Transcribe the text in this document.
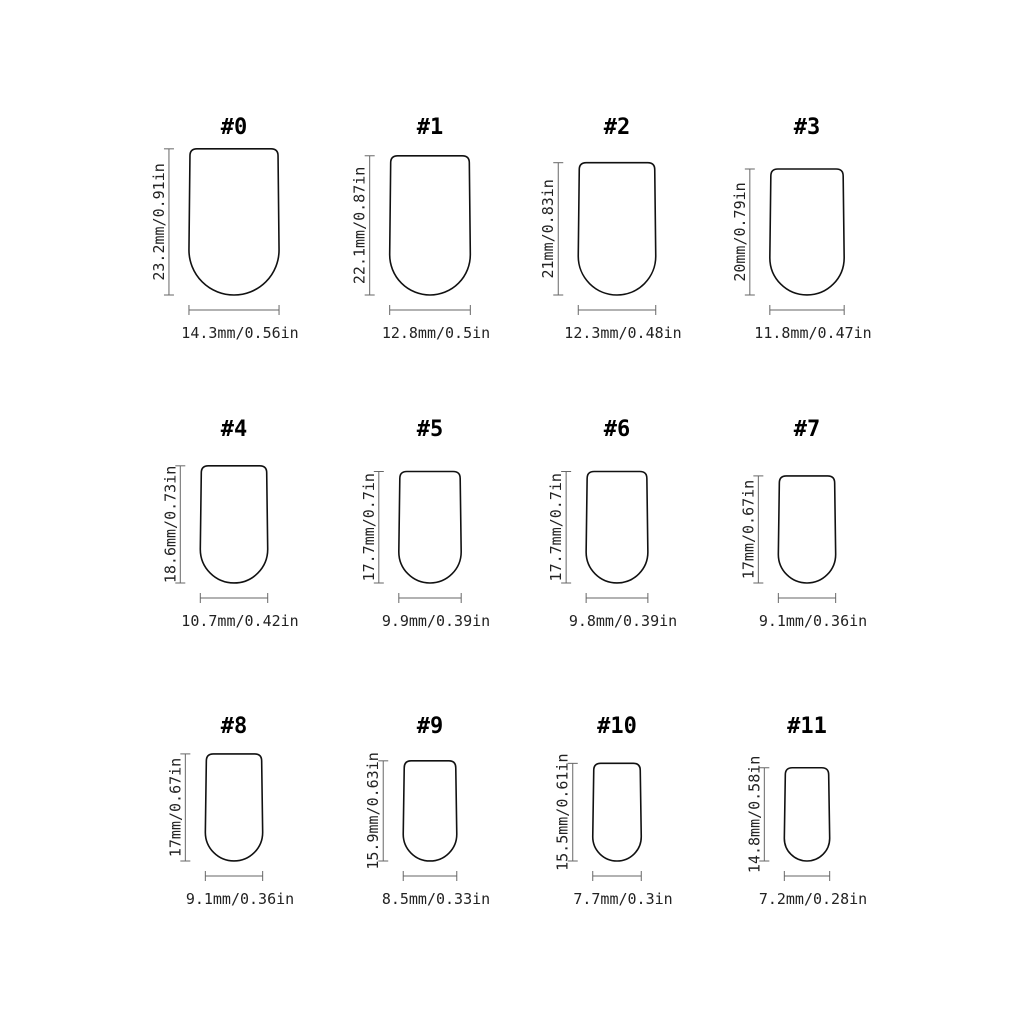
#0
23.2mm/0.91in
14.3mm/0.56in
#1
22.1mm/0.87in
12.8mm/0.5in
#2
21mm/0.83in
12.3mm/0.48in
#3
20mm/0.79in
11.8mm/0.47in
#4
18.6mm/0.73in
10.7mm/0.42in
#5
17.7mm/0.7in
9.9mm/0.39in
#6
17.7mm/0.7in
9.8mm/0.39in
#7
17mm/0.67in
9.1mm/0.36in
#8
17mm/0.67in
9.1mm/0.36in
#9
15.9mm/0.63in
8.5mm/0.33in
#10
15.5mm/0.61in
7.7mm/0.3in
#11
14.8mm/0.58in
7.2mm/0.28in
